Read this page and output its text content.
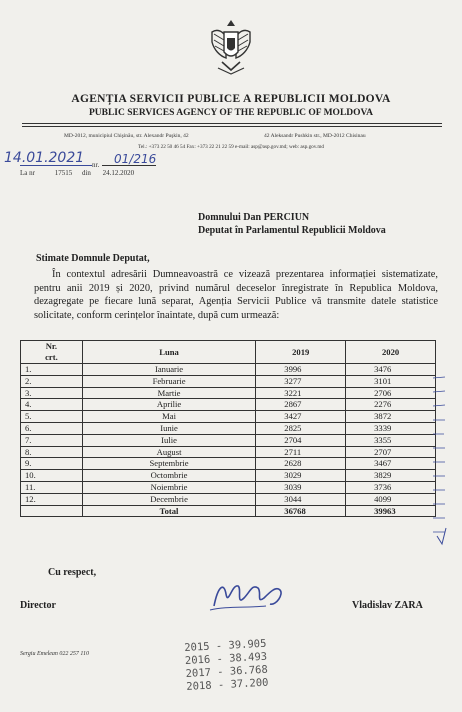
AGENȚIA SERVICII PUBLICE A REPUBLICII MOLDOVA
PUBLIC SERVICES AGENCY OF THE REPUBLIC OF MOLDOVA
MD-2012, municipiul Chişinău, str. Alexandr Puşkin, 42	42 Aleksandr Pushkin str., MD-2012 Chisinau
Tel.: +373 22 50 46 54 Fax: +373 22 21 22 59 e-mail: asp@asp.gov.md; web: asp.gov.md
14.01.2021 nr. 01/216
La nr	17515 din 24.12.2020
Domnului Dan PERCIUN
Deputat în Parlamentul Republicii Moldova
Stimate Domnule Deputat,
În contextul adresării Dumneavoastră ce vizează prezentarea informației sistematizate, pentru anii 2019 și 2020, privind numărul deceselor înregistrate în Republica Moldova, dezagregate pe fiecare lună separat, Agenția Servicii Publice vă transmite datele statistice solicitate, conform cerințelor înaintate, după cum urmează:
Nr.
crt.	Luna	2019	2020
1.	Ianuarie	3996	3476
2.	Februarie	3277	3101
3.	Martie	3221	2706
4.	Aprilie	2867	2276
5.	Mai	3427	3872
6.	Iunie	2825	3339
7.	Iulie	2704	3355
8.	August	2711	2707
9.	Septembrie	2628	3467
10.	Octombrie	3029	3829
11.	Noiembrie	3039	3736
12.	Decembrie	3044	4099
	Total	36768	39963
Cu respect,
Director	Vladislav ZARA
Sergiu Emelean 022 257 110
2015 - 39.905
2016 - 38.493
2017 - 36.768
2018 - 37.200
